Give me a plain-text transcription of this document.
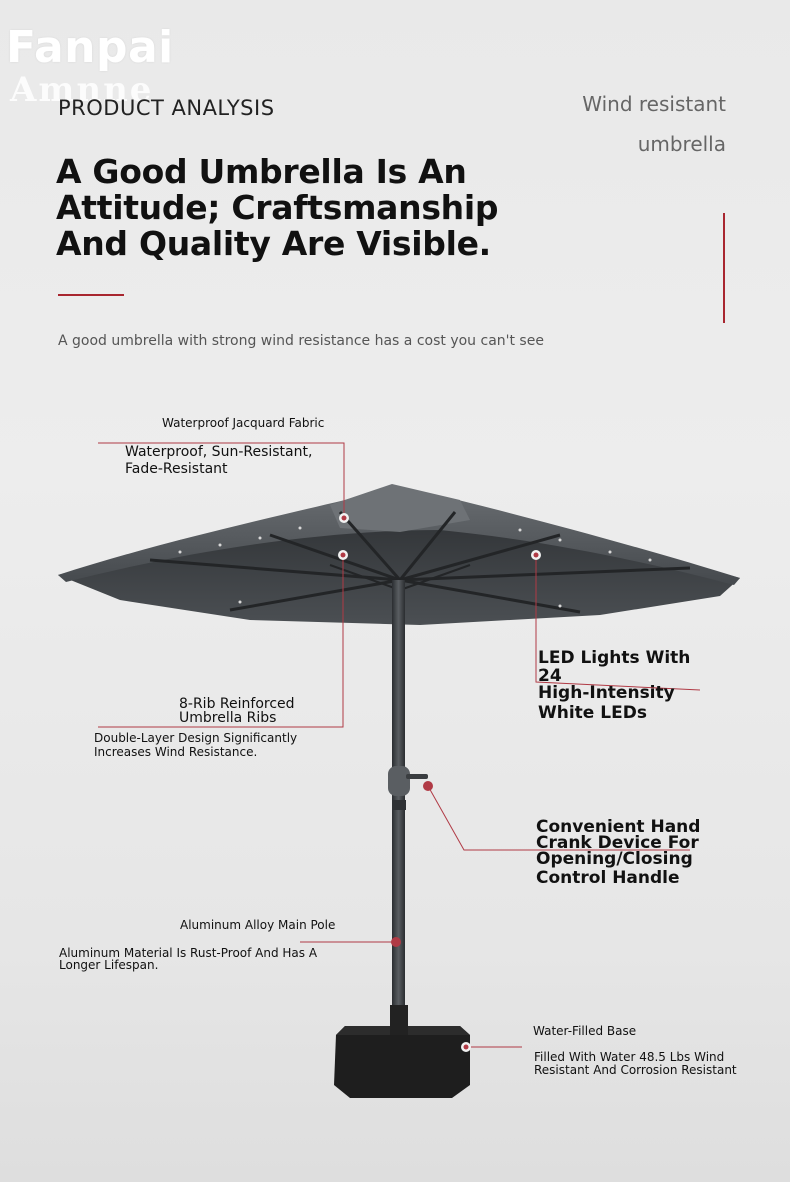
Fanpai
Amnne
PRODUCT ANALYSIS	Wind resistant
umbrella
A Good Umbrella Is An
Attitude; Craftsmanship
And Quality Are Visible.
A good umbrella with strong wind resistance has a cost you can't see
Waterproof Jacquard Fabric
Waterproof, Sun-Resistant,
Fade-Resistant
LED Lights With
24
High-Intensity
White LEDs
8-Rib Reinforced
Umbrella Ribs
Double-Layer Design Significantly
Increases Wind Resistance.
Convenient Hand
Crank Device For
Opening/Closing
Control Handle
Aluminum Alloy Main Pole
Aluminum Material Is Rust-Proof And Has A
Longer Lifespan.
Water-Filled Base
Filled With Water 48.5 Lbs Wind
Resistant And Corrosion Resistant
